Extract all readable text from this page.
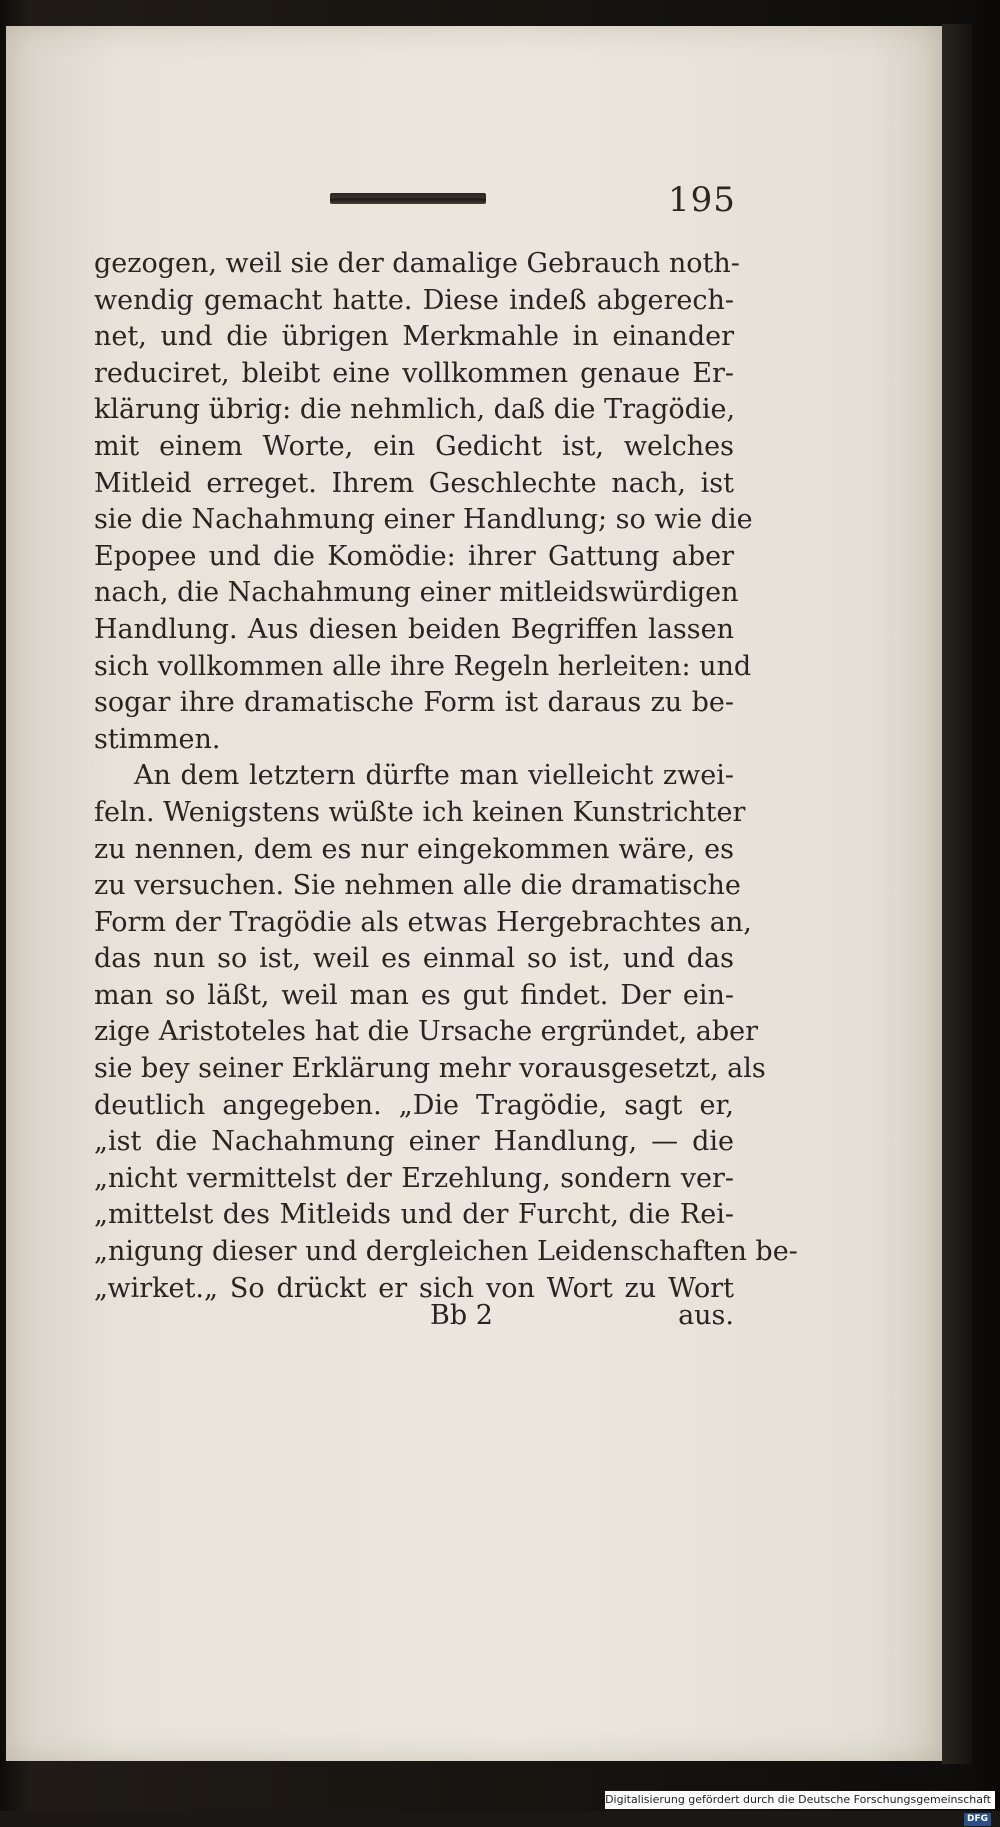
195
gezogen, weil sie der damalige Gebrauch noth-
wendig gemacht hatte. Diese indeß abgerech-
net, und die übrigen Merkmahle in einander
reduciret, bleibt eine vollkommen genaue Er-
klärung übrig: die nehmlich, daß die Tragödie,
mit einem Worte, ein Gedicht ist, welches
Mitleid erreget. Ihrem Geschlechte nach, ist
sie die Nachahmung einer Handlung; so wie die
Epopee und die Komödie: ihrer Gattung aber
nach, die Nachahmung einer mitleidswürdigen
Handlung. Aus diesen beiden Begriffen lassen
sich vollkommen alle ihre Regeln herleiten: und
sogar ihre dramatische Form ist daraus zu be-
stimmen.
An dem letztern dürfte man vielleicht zwei-
feln. Wenigstens wüßte ich keinen Kunstrichter
zu nennen, dem es nur eingekommen wäre, es
zu versuchen. Sie nehmen alle die dramatische
Form der Tragödie als etwas Hergebrachtes an,
das nun so ist, weil es einmal so ist, und das
man so läßt, weil man es gut findet. Der ein-
zige Aristoteles hat die Ursache ergründet, aber
sie bey seiner Erklärung mehr vorausgesetzt, als
deutlich angegeben. „Die Tragödie, sagt er,
„ist die Nachahmung einer Handlung, — die
„nicht vermittelst der Erzehlung, sondern ver-
„mittelst des Mitleids und der Furcht, die Rei-
„nigung dieser und dergleichen Leidenschaften be-
„wirket.„ So drückt er sich von Wort zu Wort
Bb 2	aus.
Digitalisierung gefördert durch die Deutsche Forschungsgemeinschaft - DFG
